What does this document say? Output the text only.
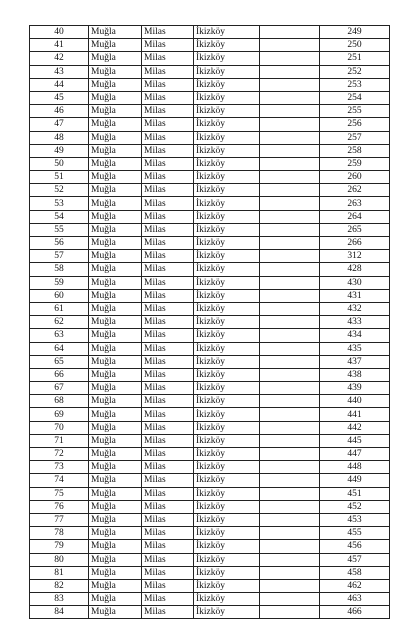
40	Muğla	Milas	İkizköy		249
41	Muğla	Milas	İkizköy		250
42	Muğla	Milas	İkizköy		251
43	Muğla	Milas	İkizköy		252
44	Muğla	Milas	İkizköy		253
45	Muğla	Milas	İkizköy		254
46	Muğla	Milas	İkizköy		255
47	Muğla	Milas	İkizköy		256
48	Muğla	Milas	İkizköy		257
49	Muğla	Milas	İkizköy		258
50	Muğla	Milas	İkizköy		259
51	Muğla	Milas	İkizköy		260
52	Muğla	Milas	İkizköy		262
53	Muğla	Milas	İkizköy		263
54	Muğla	Milas	İkizköy		264
55	Muğla	Milas	İkizköy		265
56	Muğla	Milas	İkizköy		266
57	Muğla	Milas	İkizköy		312
58	Muğla	Milas	İkizköy		428
59	Muğla	Milas	İkizköy		430
60	Muğla	Milas	İkizköy		431
61	Muğla	Milas	İkizköy		432
62	Muğla	Milas	İkizköy		433
63	Muğla	Milas	İkizköy		434
64	Muğla	Milas	İkizköy		435
65	Muğla	Milas	İkizköy		437
66	Muğla	Milas	İkizköy		438
67	Muğla	Milas	İkizköy		439
68	Muğla	Milas	İkizköy		440
69	Muğla	Milas	İkizköy		441
70	Muğla	Milas	İkizköy		442
71	Muğla	Milas	İkizköy		445
72	Muğla	Milas	İkizköy		447
73	Muğla	Milas	İkizköy		448
74	Muğla	Milas	İkizköy		449
75	Muğla	Milas	İkizköy		451
76	Muğla	Milas	İkizköy		452
77	Muğla	Milas	İkizköy		453
78	Muğla	Milas	İkizköy		455
79	Muğla	Milas	İkizköy		456
80	Muğla	Milas	İkizköy		457
81	Muğla	Milas	İkizköy		458
82	Muğla	Milas	İkizköy		462
83	Muğla	Milas	İkizköy		463
84	Muğla	Milas	İkizköy		466
